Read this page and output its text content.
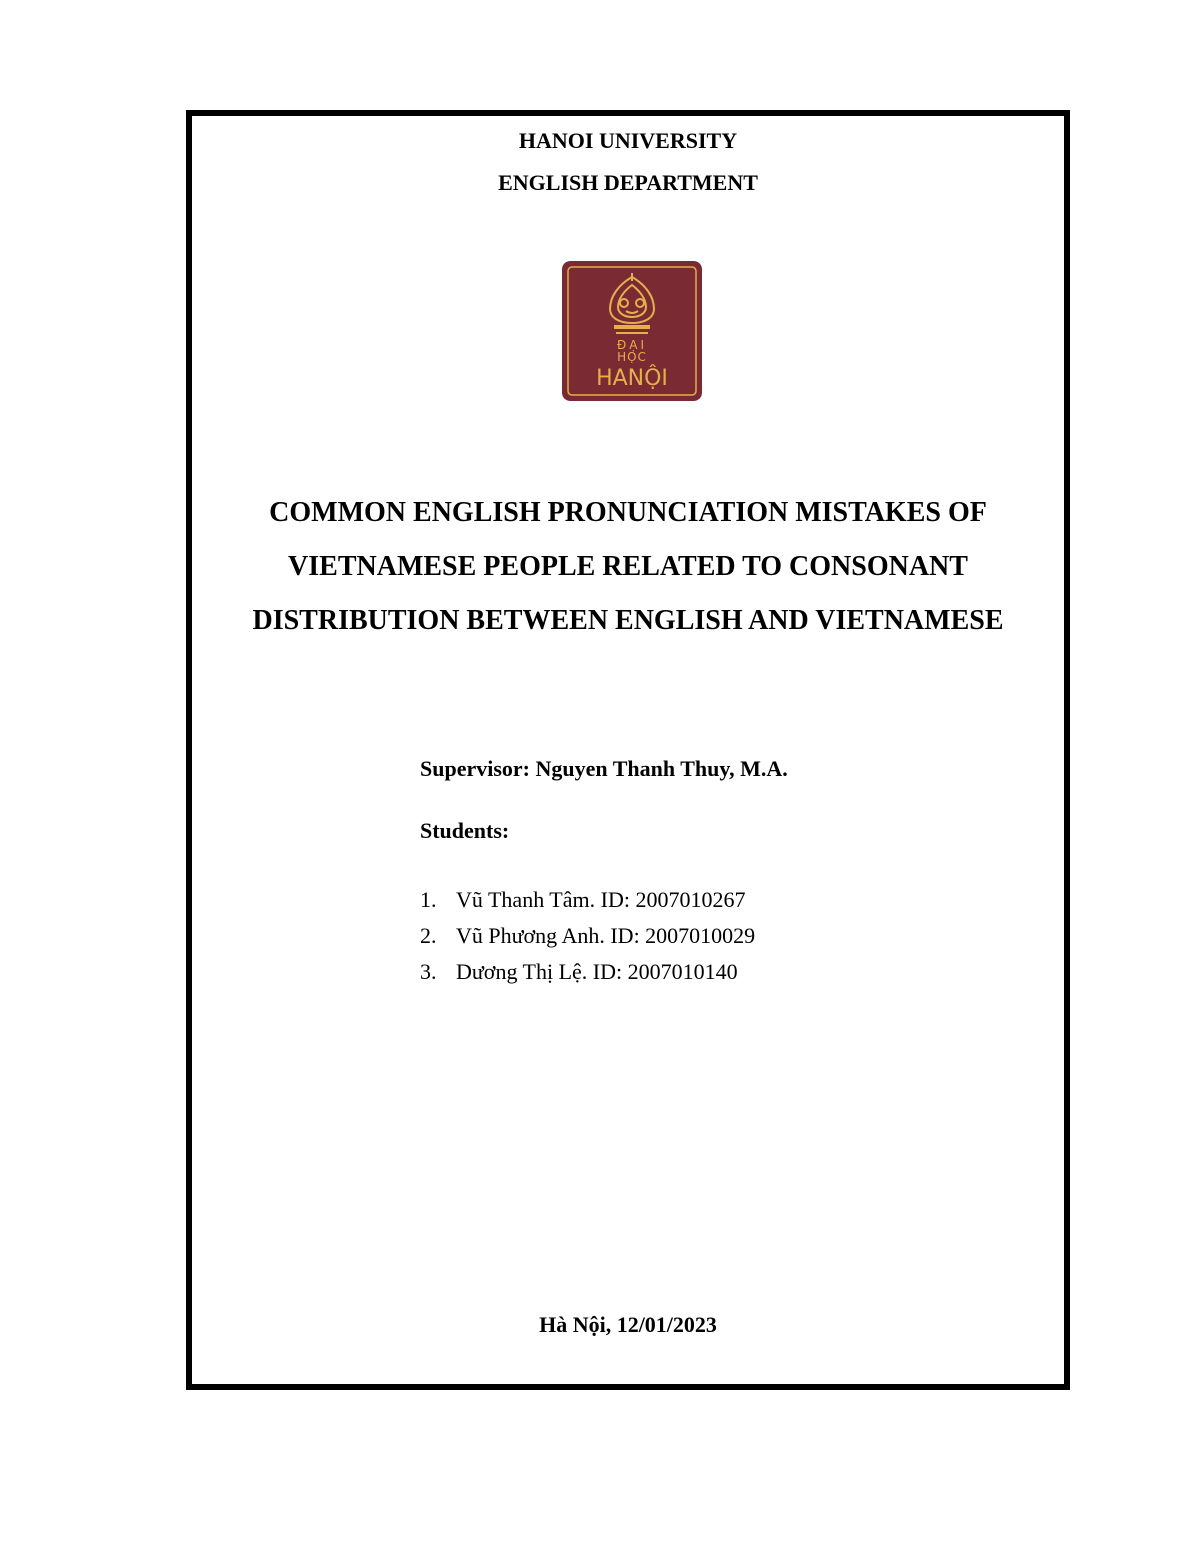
HANOI UNIVERSITY
ENGLISH DEPARTMENT
ĐẠI
HỌC
HANỘI
COMMON ENGLISH PRONUNCIATION MISTAKES OF
VIETNAMESE PEOPLE RELATED TO CONSONANT
DISTRIBUTION BETWEEN ENGLISH AND VIETNAMESE
Supervisor: Nguyen Thanh Thuy, M.A.
Students:
1. Vũ Thanh Tâm. ID: 2007010267
2. Vũ Phương Anh. ID: 2007010029
3. Dương Thị Lệ. ID: 2007010140
Hà Nội, 12/01/2023
